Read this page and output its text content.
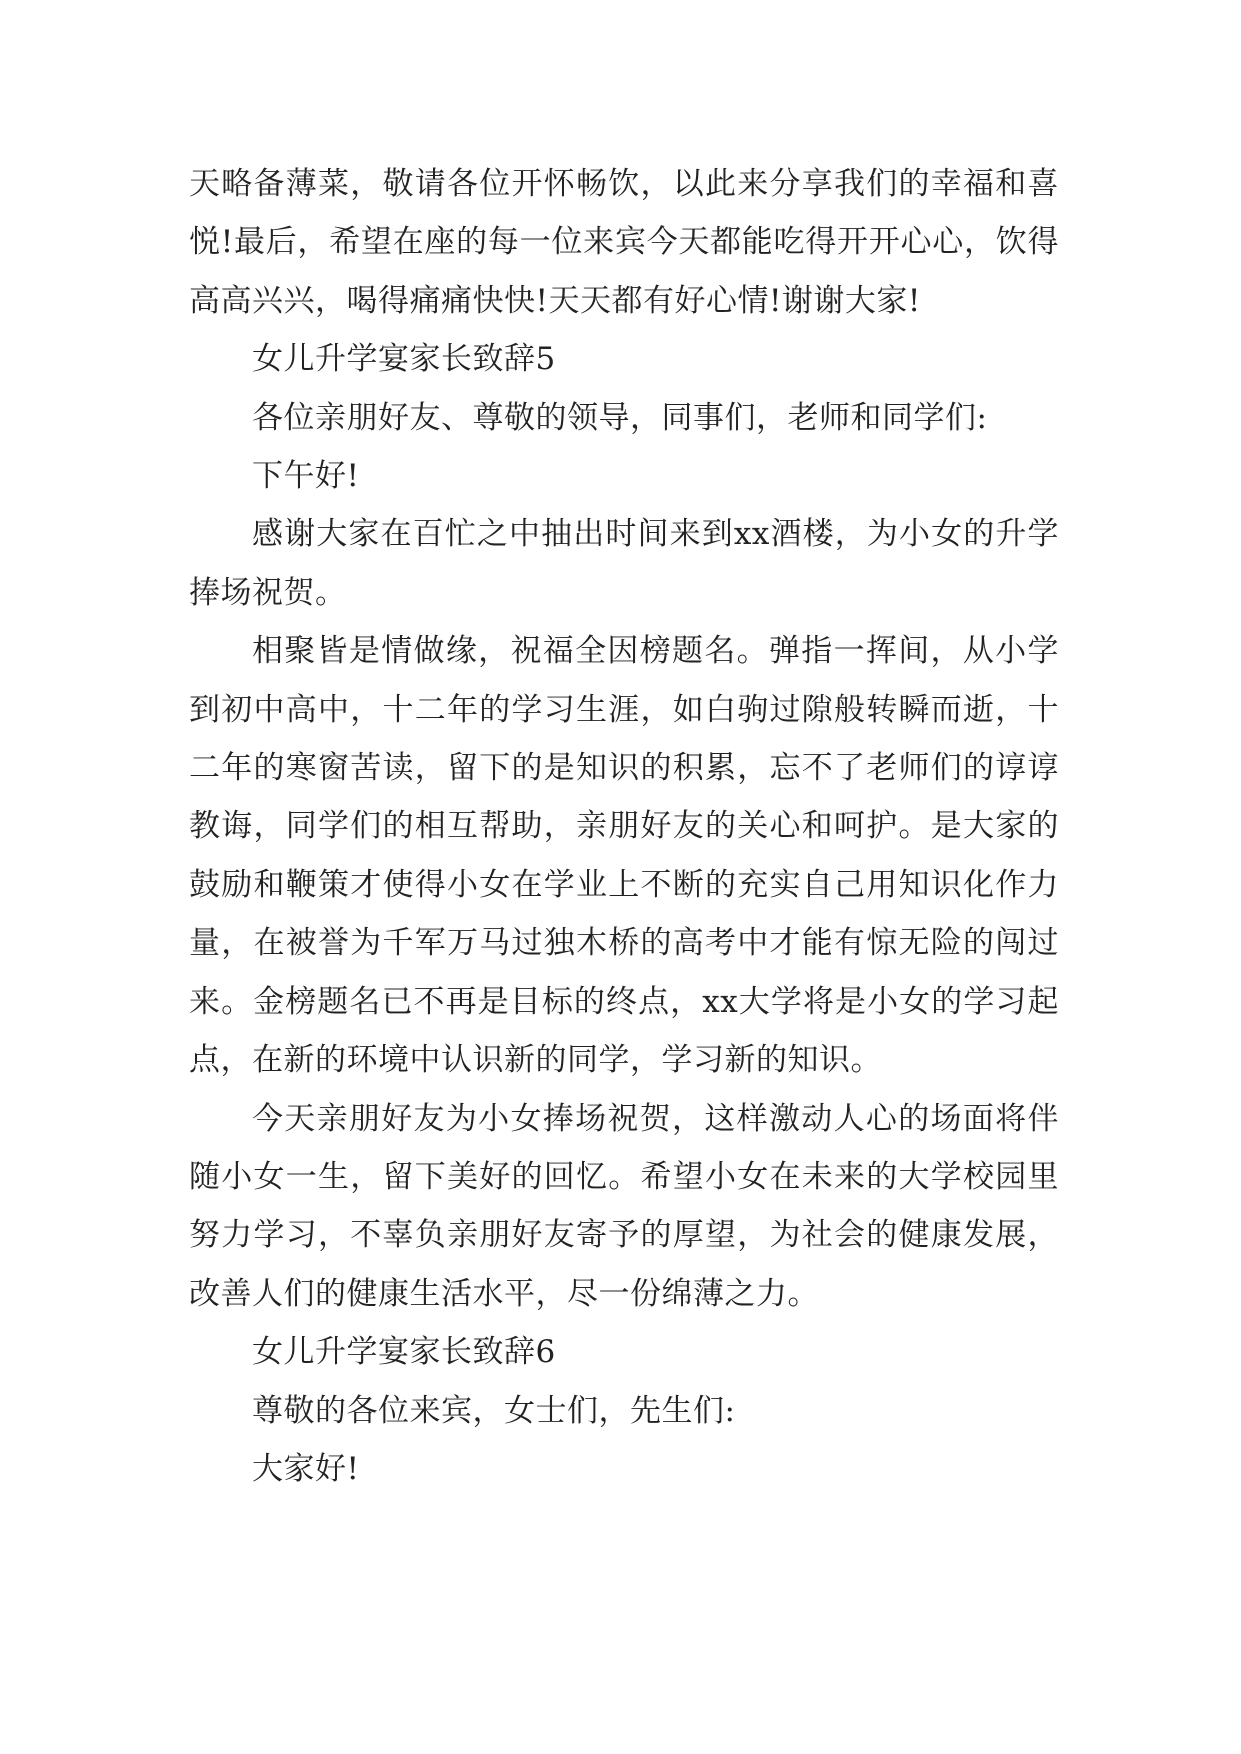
天略备薄菜，敬请各位开怀畅饮，以此来分享我们的幸福和喜悦!最后，希望在座的每一位来宾今天都能吃得开开心心，饮得高高兴兴，喝得痛痛快快!天天都有好心情!谢谢大家!

女儿升学宴家长致辞5

各位亲朋好友、尊敬的领导，同事们，老师和同学们:

下午好!

感谢大家在百忙之中抽出时间来到xx酒楼，为小女的升学捧场祝贺。

相聚皆是情做缘，祝福全因榜题名。弹指一挥间，从小学到初中高中，十二年的学习生涯，如白驹过隙般转瞬而逝，十二年的寒窗苦读，留下的是知识的积累，忘不了老师们的谆谆教诲，同学们的相互帮助，亲朋好友的关心和呵护。是大家的鼓励和鞭策才使得小女在学业上不断的充实自己用知识化作力量，在被誉为千军万马过独木桥的高考中才能有惊无险的闯过来。金榜题名已不再是目标的终点，xx大学将是小女的学习起点，在新的环境中认识新的同学，学习新的知识。

今天亲朋好友为小女捧场祝贺，这样激动人心的场面将伴随小女一生，留下美好的回忆。希望小女在未来的大学校园里努力学习，不辜负亲朋好友寄予的厚望，为社会的健康发展，改善人们的健康生活水平，尽一份绵薄之力。

女儿升学宴家长致辞6

尊敬的各位来宾，女士们，先生们:

大家好!
